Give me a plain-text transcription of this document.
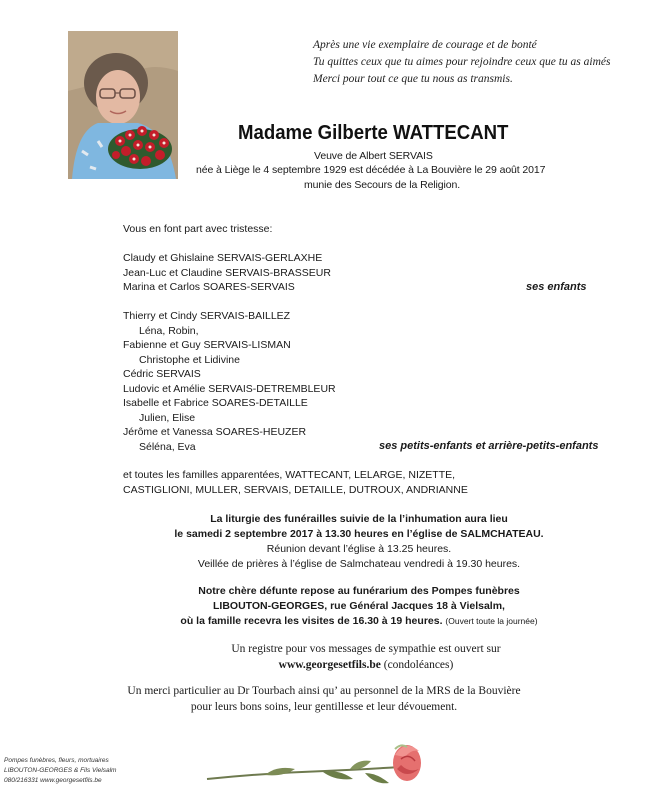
Après une vie exemplaire de courage et de bonté
Tu quittes ceux que tu aimes pour rejoindre ceux que tu as aimés
Merci pour tout ce que tu nous as transmis.
Madame Gilberte WATTECANT
Veuve de Albert SERVAIS
née à Liège le 4 septembre 1929 est décédée à La Bouvière le 29 août 2017
munie des Secours de la Religion.
Vous en font part avec tristesse:
Claudy et Ghislaine SERVAIS-GERLAXHE
Jean-Luc et Claudine SERVAIS-BRASSEUR
Marina et Carlos SOARES-SERVAIS	ses enfants
Thierry et Cindy SERVAIS-BAILLEZ
Léna, Robin,
Fabienne et Guy SERVAIS-LISMAN
Christophe et Lidivine
Cédric SERVAIS
Ludovic et Amélie SERVAIS-DETREMBLEUR
Isabelle et Fabrice SOARES-DETAILLE
Julien, Elise
Jérôme et Vanessa SOARES-HEUZER
Séléna, Eva	ses petits-enfants et arrière-petits-enfants
et toutes les familles apparentées, WATTECANT, LELARGE, NIZETTE,
CASTIGLIONI, MULLER, SERVAIS, DETAILLE, DUTROUX, ANDRIANNE
La liturgie des funérailles suivie de la l’inhumation aura lieu
le samedi 2 septembre 2017 à 13.30 heures en l’église de SALMCHATEAU.
Réunion devant l’église à 13.25 heures.
Veillée de prières à l’église de Salmchateau vendredi à 19.30 heures.
Notre chère défunte repose au funérarium des Pompes funèbres
LIBOUTON-GEORGES, rue Général Jacques 18 à Vielsalm,
où la famille recevra les visites de 16.30 à 19 heures. (Ouvert toute la journée)
Un registre pour vos messages de sympathie est ouvert sur
www.georgesetfils.be (condoléances)
Un merci particulier au Dr Tourbach ainsi qu’ au personnel de la MRS de la Bouvière
pour leurs bons soins, leur gentillesse et leur dévouement.
Pompes funèbres, fleurs, mortuaires
LIBOUTON-GEORGES & Fils Vielsalm
080/216331 www.georgesetfils.be
